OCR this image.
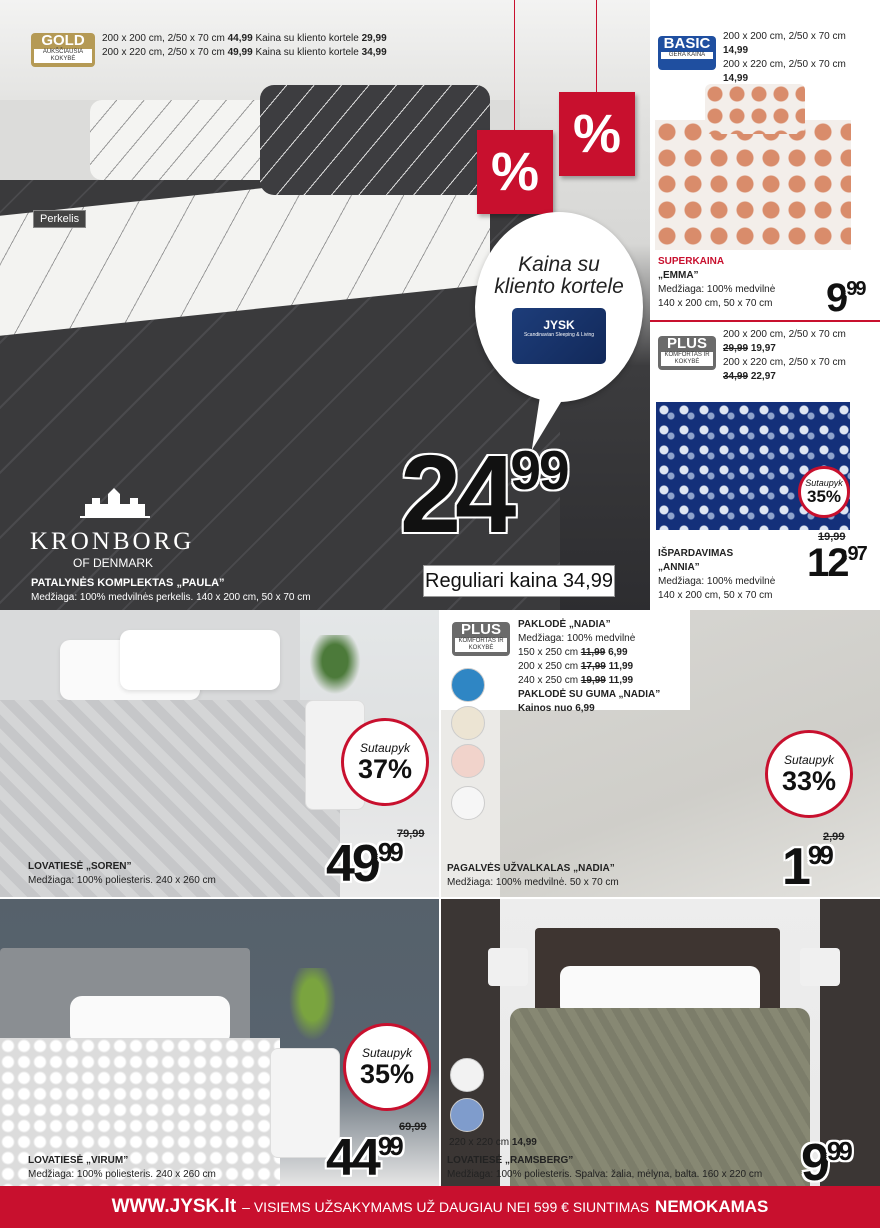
GOLD
AUKŠČIAUSIA KOKYBĖ
200 x 200 cm, 2/50 x 70 cm 44,99 Kaina su kliento kortele 29,99
200 x 220 cm, 2/50 x 70 cm 49,99 Kaina su kliento kortele 34,99
Perkelis
%
%
Kaina su kliento kortele
JYSK
Scandinavian Sleeping & Living
KRONBORG
OF DENMARK
24 99
Reguliari kaina 34,99
PATALYNĖS KOMPLEKTAS „PAULA”
Medžiaga: 100% medvilnės perkelis. 140 x 200 cm, 50 x 70 cm
BASIC
GERA KAINA
200 x 200 cm, 2/50 x 70 cm
14,99
200 x 220 cm, 2/50 x 70 cm
14,99
SUPERKAINA
„EMMA”
Medžiaga: 100% medvilnė
140 x 200 cm, 50 x 70 cm	9 99
PLUS
KOMFORTAS IR KOKYBĖ
200 x 200 cm, 2/50 x 70 cm
29,99 19,97
200 x 220 cm, 2/50 x 70 cm
34,99 22,97
Sutaupyk
35%
IŠPARDAVIMAS
„ANNIA”
Medžiaga: 100% medvilnė
140 x 200 cm, 50 x 70 cm
19,99
12 97
Sutaupyk
37%
79,99
49 99
LOVATIESĖ „SOREN”
Medžiaga: 100% poliesteris. 240 x 260 cm
PLUS
KOMFORTAS IR KOKYBĖ
PAKLODĖ „NADIA”
Medžiaga: 100% medvilnė
150 x 250 cm 11,99 6,99
200 x 250 cm 17,99 11,99
240 x 250 cm 19,99 11,99
PAKLODĖ SU GUMA „NADIA”
Kainos nuo 6,99
Sutaupyk
33%
2,99
1 99
PAGALVĖS UŽVALKALAS „NADIA”
Medžiaga: 100% medvilnė. 50 x 70 cm
Sutaupyk
35%
69,99
44 99
LOVATIESĖ „VIRUM”
Medžiaga: 100% poliesteris. 240 x 260 cm
220 x 220 cm 14,99	9 99
LOVATIESĖ „RAMSBERG”
Medžiaga: 100% poliesteris. Spalva: žalia, mėlyna, balta. 160 x 220 cm
WWW.JYSK.lt – VISIEMS UŽSAKYMAMS UŽ DAUGIAU NEI 599 € SIUNTIMAS NEMOKAMAS
